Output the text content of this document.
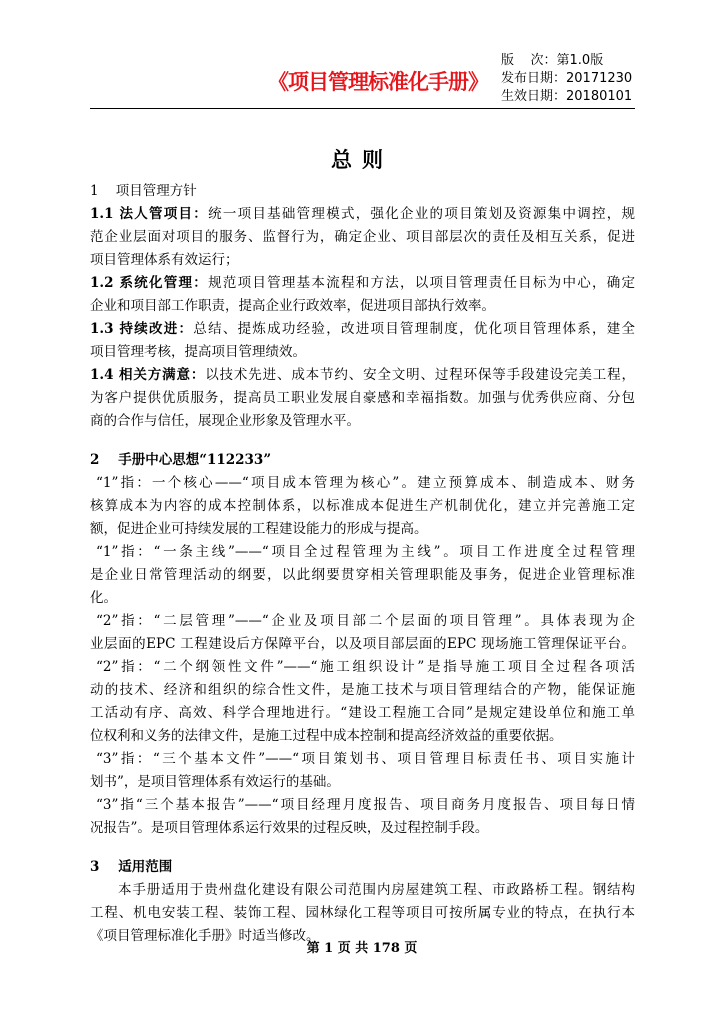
《项目管理标准化手册》
版    次：第1.0版
发布日期：20171230
生效日期：20180101
总则
1    项目管理方针
1.1 法人管项目：统一项目基础管理模式，强化企业的项目策划及资源集中调控，规
范企业层面对项目的服务、监督行为，确定企业、项目部层次的责任及相互关系，促进
项目管理体系有效运行；
1.2 系统化管理：规范项目管理基本流程和方法，以项目管理责任目标为中心，确定
企业和项目部工作职责，提高企业行政效率，促进项目部执行效率。
1.3 持续改进：总结、提炼成功经验，改进项目管理制度，优化项目管理体系，建全
项目管理考核，提高项目管理绩效。
1.4 相关方满意：以技术先进、成本节约、安全文明、过程环保等手段建设完美工程，
为客户提供优质服务，提高员工职业发展自豪感和幸福指数。加强与优秀供应商、分包
商的合作与信任，展现企业形象及管理水平。
2    手册中心思想“112233”
“1”指：一个核心——“项目成本管理为核心”。建立预算成本、制造成本、财务
核算成本为内容的成本控制体系，以标准成本促进生产机制优化，建立并完善施工定
额，促进企业可持续发展的工程建设能力的形成与提高。
“1”指：“一条主线”——“项目全过程管理为主线”。项目工作进度全过程管理
是企业日常管理活动的纲要，以此纲要贯穿相关管理职能及事务，促进企业管理标准
化。
“2”指：“二层管理”——“企业及项目部二个层面的项目管理”。具体表现为企
业层面的EPC 工程建设后方保障平台，以及项目部层面的EPC 现场施工管理保证平台。
“2”指：“二个纲领性文件”——“施工组织设计”是指导施工项目全过程各项活
动的技术、经济和组织的综合性文件，是施工技术与项目管理结合的产物，能保证施
工活动有序、高效、科学合理地进行。“建设工程施工合同”是规定建设单位和施工单
位权利和义务的法律文件，是施工过程中成本控制和提高经济效益的重要依据。
“3”指：“三个基本文件”——“项目策划书、项目管理目标责任书、项目实施计
划书”，是项目管理体系有效运行的基础。
“3”指“三个基本报告”——“项目经理月度报告、项目商务月度报告、项目每日情
况报告”。是项目管理体系运行效果的过程反映，及过程控制手段。
3    适用范围
本手册适用于贵州盘化建设有限公司范围内房屋建筑工程、市政路桥工程。钢结构
工程、机电安装工程、装饰工程、园林绿化工程等项目可按所属专业的特点，在执行本
《项目管理标准化手册》时适当修改。
第 1 页 共 178 页
